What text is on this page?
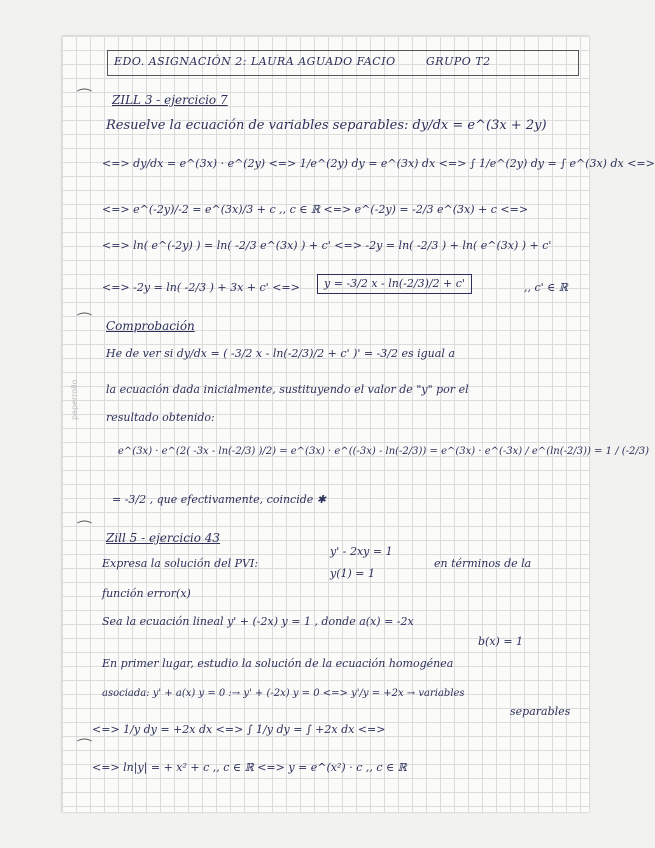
EDO. ASIGNACIÓN 2: LAURA AGUADO FACIO	GRUPO T2
⁀ ZILL 3 - ejercicio 7
Resuelve la ecuación de variables separables: dy/dx = e^(3x + 2y)
<=> dy/dx = e^(3x) · e^(2y) <=> 1/e^(2y) dy = e^(3x) dx <=> ∫ 1/e^(2y) dy = ∫ e^(3x) dx <=>
<=> e^(-2y)/-2 = e^(3x)/3 + c ,, c ∈ ℝ <=> e^(-2y) = -2/3 e^(3x) + c <=>
<=> ln( e^(-2y) ) = ln( -2/3 e^(3x) ) + c' <=> -2y = ln( -2/3 ) + ln( e^(3x) ) + c'
<=> -2y = ln( -2/3 ) + 3x + c' <=>	y = -3/2 x - ln(-2/3)/2 + c'	,, c' ∈ ℝ
⁀ Comprobación
He de ver si dy/dx = ( -3/2 x - ln(-2/3)/2 + c' )' = -3/2 es igual a
la ecuación dada inicialmente, sustituyendo el valor de "y" por el
resultado obtenido:
e^(3x) · e^(2( -3x - ln(-2/3) )/2) = e^(3x) · e^((-3x) - ln(-2/3)) = e^(3x) · e^(-3x) / e^(ln(-2/3)) = 1 / (-2/3)
= -3/2 , que efectivamente, coincide ✱
⁀ Zill 5 - ejercicio 43
Expresa la solución del PVI:
y' - 2xy = 1
y(1) = 1
en términos de la
función error(x)
Sea la ecuación lineal y' + (-2x) y = 1 , donde a(x) = -2x
b(x) = 1
En primer lugar, estudio la solución de la ecuación homogénea
asociada: y' + a(x) y = 0 :→ y' + (-2x) y = 0 <=> y'/y = +2x → variables
separables
<=> 1/y dy = +2x dx <=> ∫ 1/y dy = ∫ +2x dx <=>
⁀
<=> ln|y| = + x² + c ,, c ∈ ℝ <=> y = e^(x²) · c ,, c ∈ ℝ
paperrollo
